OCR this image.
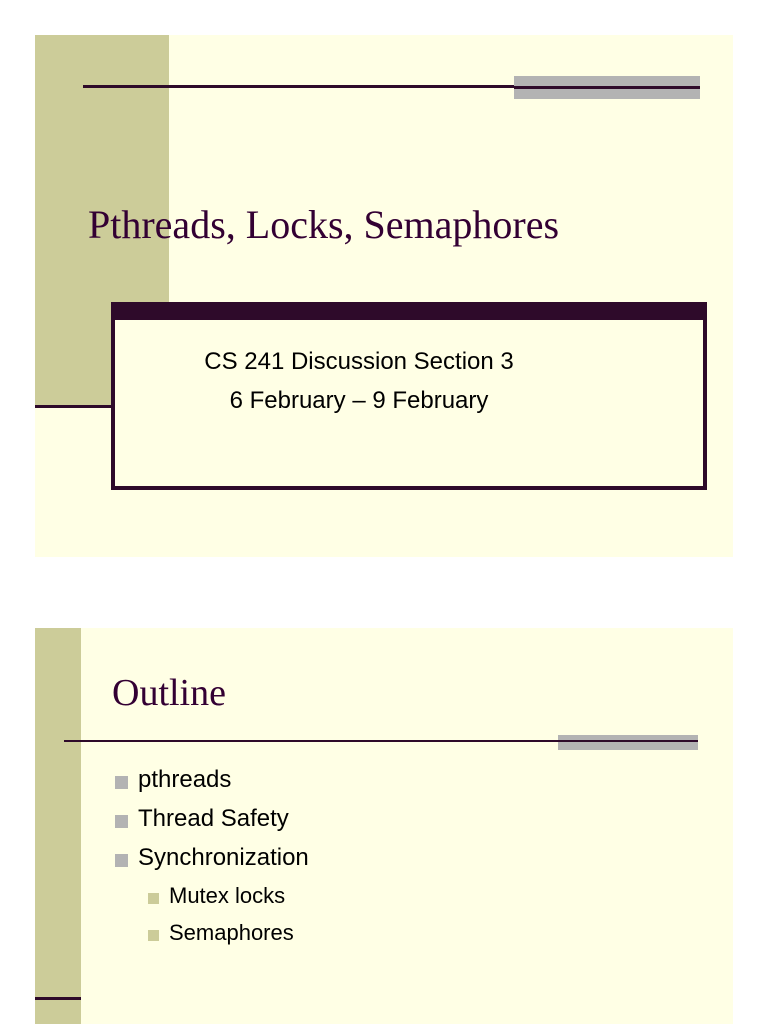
Pthreads, Locks, Semaphores
CS 241 Discussion Section 3
6 February – 9 February
Outline
pthreads
Thread Safety
Synchronization
Mutex locks
Semaphores
